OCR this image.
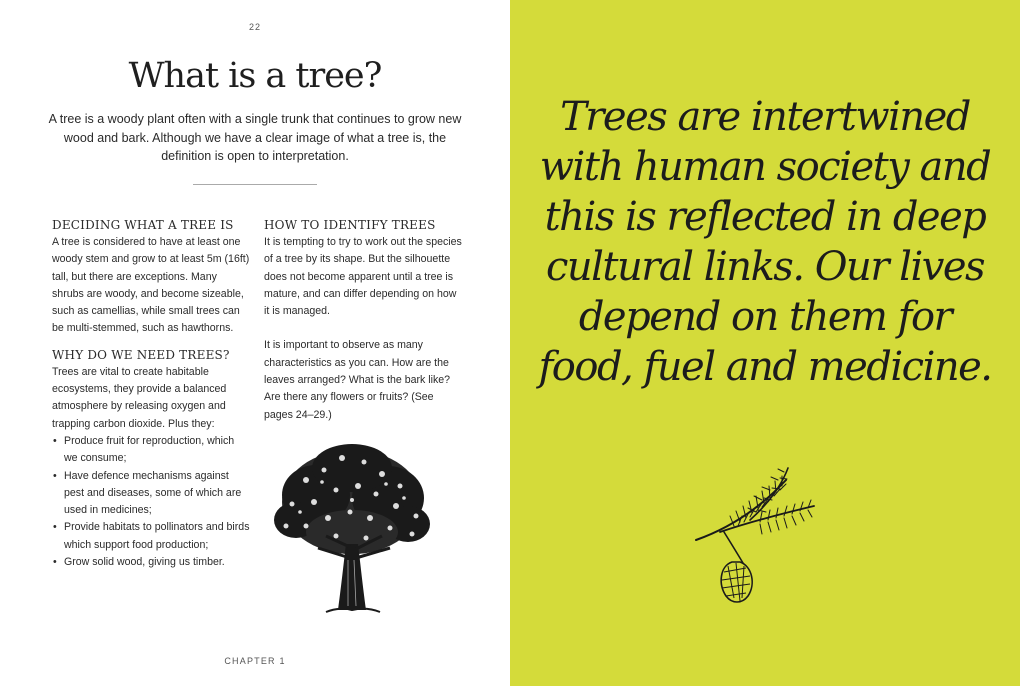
22
What is a tree?

A tree is a woody plant often with a single trunk that continues to grow new wood and bark. Although we have a clear image of what a tree is, the definition is open to interpretation.

DECIDING WHAT A TREE IS

A tree is considered to have at least one woody stem and grow to at least 5m (16ft) tall, but there are exceptions. Many shrubs are woody, and become sizeable, such as camellias, while small trees can be multi-stemmed, such as hawthorns.

WHY DO WE NEED TREES?

Trees are vital to create habitable ecosystems, they provide a balanced atmosphere by releasing oxygen and trapping carbon dioxide. Plus they:

• Produce fruit for reproduction, which we consume;
• Have defence mechanisms against pest and diseases, some of which are used in medicines;
• Provide habitats to pollinators and birds which support food production;
• Grow solid wood, giving us timber.
HOW TO IDENTIFY TREES

It is tempting to try to work out the species of a tree by its shape. But the silhouette does not become apparent until a tree is mature, and can differ depending on how it is managed.

It is important to observe as many characteristics as you can. How are the leaves arranged? What is the bark like? Are there any flowers or fruits? (See pages 24–29.)

CHAPTER 1

Trees are intertwined with human society and this is reflected in deep cultural links. Our lives depend on them for food, fuel and medicine.
